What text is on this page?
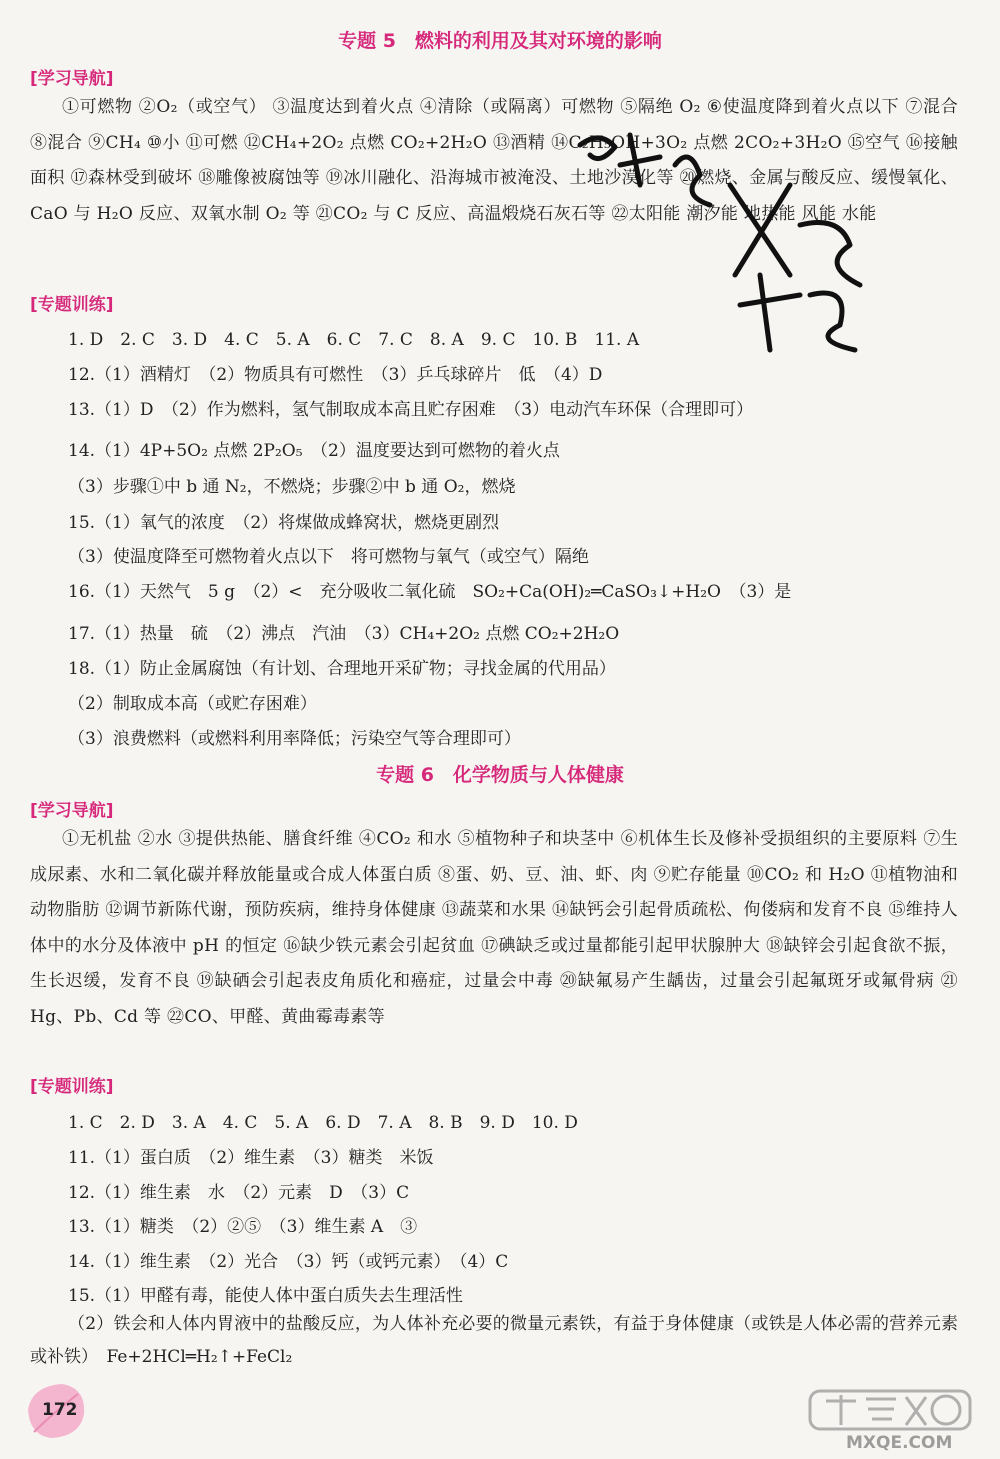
专题 5　燃料的利用及其对环境的影响
[学习导航]
①可燃物 ②O₂（或空气） ③温度达到着火点 ④清除（或隔离）可燃物 ⑤隔绝 O₂ ⑥使温度降到着火点以下 ⑦混合 ⑧混合 ⑨CH₄ ⑩小 ⑪可燃 ⑫CH₄+2O₂ 点燃 CO₂+2H₂O ⑬酒精 ⑭C₂H₅OH+3O₂ 点燃 2CO₂+3H₂O ⑮空气 ⑯接触面积 ⑰森林受到破坏 ⑱雕像被腐蚀等 ⑲冰川融化、沿海城市被淹没、土地沙漠化等 ⑳燃烧、金属与酸反应、缓慢氧化、CaO 与 H₂O 反应、双氧水制 O₂ 等 ㉑CO₂ 与 C 反应、高温煅烧石灰石等 ㉒太阳能 潮汐能 地热能 风能 水能
[专题训练]
1. D　2. C　3. D　4. C　5. A　6. C　7. C　8. A　9. C　10. B　11. A
12.（1）酒精灯　（2）物质具有可燃性　（3）乒乓球碎片　低　（4）D
13.（1）D　（2）作为燃料，氢气制取成本高且贮存困难　（3）电动汽车环保（合理即可）
14.（1）4P+5O₂ 点燃 2P₂O₅　（2）温度要达到可燃物的着火点
（3）步骤①中 b 通 N₂，不燃烧；步骤②中 b 通 O₂，燃烧
15.（1）氧气的浓度　（2）将煤做成蜂窝状，燃烧更剧烈
（3）使温度降至可燃物着火点以下　将可燃物与氧气（或空气）隔绝
16.（1）天然气　5 g　（2）<　充分吸收二氧化硫　SO₂+Ca(OH)₂═CaSO₃↓+H₂O　（3）是
17.（1）热量　硫　（2）沸点　汽油　（3）CH₄+2O₂ 点燃 CO₂+2H₂O
18.（1）防止金属腐蚀（有计划、合理地开采矿物；寻找金属的代用品）
（2）制取成本高（或贮存困难）
（3）浪费燃料（或燃料利用率降低；污染空气等合理即可）
专题 6　化学物质与人体健康
[学习导航]
①无机盐 ②水 ③提供热能、膳食纤维 ④CO₂ 和水 ⑤植物种子和块茎中 ⑥机体生长及修补受损组织的主要原料 ⑦生成尿素、水和二氧化碳并释放能量或合成人体蛋白质 ⑧蛋、奶、豆、油、虾、肉 ⑨贮存能量 ⑩CO₂ 和 H₂O ⑪植物油和动物脂肪 ⑫调节新陈代谢，预防疾病，维持身体健康 ⑬蔬菜和水果 ⑭缺钙会引起骨质疏松、佝偻病和发育不良 ⑮维持人体中的水分及体液中 pH 的恒定 ⑯缺少铁元素会引起贫血 ⑰碘缺乏或过量都能引起甲状腺肿大 ⑱缺锌会引起食欲不振，生长迟缓，发育不良 ⑲缺硒会引起表皮角质化和癌症，过量会中毒 ⑳缺氟易产生龋齿，过量会引起氟斑牙或氟骨病 ㉑Hg、Pb、Cd 等 ㉒CO、甲醛、黄曲霉毒素等
[专题训练]
1. C　2. D　3. A　4. C　5. A　6. D　7. A　8. B　9. D　10. D
11.（1）蛋白质　（2）维生素　（3）糖类　米饭
12.（1）维生素　水　（2）元素　D　（3）C
13.（1）糖类　（2）②⑤　（3）维生素 A　③
14.（1）维生素　（2）光合　（3）钙（或钙元素）　（4）C
15.（1）甲醛有毒，能使人体中蛋白质失去生理活性
（2）铁会和人体内胃液中的盐酸反应，为人体补充必要的微量元素铁，有益于身体健康（或铁是人体必需的营养元素或补铁）　Fe+2HCl═H₂↑+FeCl₂
172
MXQE.COM
